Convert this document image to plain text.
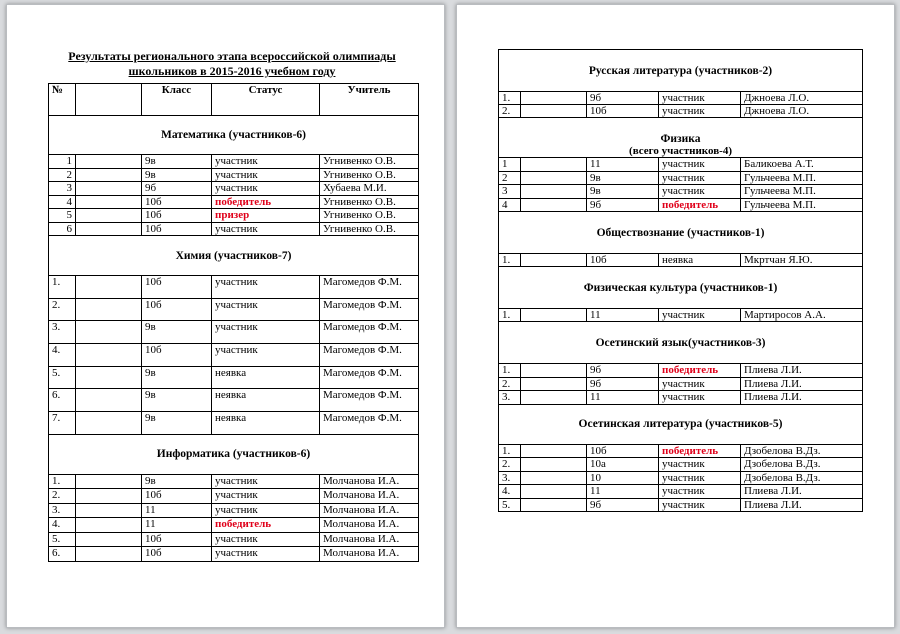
Результаты регионального этапа всероссийской олимпиады
школьников в 2015-2016 учебном году
№		Класс	Статус	Учитель
Математика (участников-6)				
1		9в	участник	Угнивенко О.В.
2		9в	участник	Угнивенко О.В.
3		9б	участник	Хубаева М.И.
4		10б	победитель	Угнивенко О.В.
5		10б	призер	Угнивенко О.В.
6		10б	участник	Угнивенко О.В.
Химия (участников-7)				
1.		10б	участник	Магомедов Ф.М.
2.		10б	участник	Магомедов Ф.М.
3.		9в	участник	Магомедов Ф.М.
4.		10б	участник	Магомедов Ф.М.
5.		9в	неявка	Магомедов Ф.М.
6.		9в	неявка	Магомедов Ф.М.
7.		9в	неявка	Магомедов Ф.М.
Информатика (участников-6)				
1.		9в	участник	Молчанова И.А.
2.		10б	участник	Молчанова И.А.
3.		11	участник	Молчанова И.А.
4.		11	победитель	Молчанова И.А.
5.		10б	участник	Молчанова И.А.
6.		10б	участник	Молчанова И.А.
Русская литература (участников-2)				
1.		9б	участник	Джноева Л.О.
2.		10б	участник	Джноева Л.О.

Физика
(всего участников-4)				

1		11	участник	Баликоева А.Т.
2		9в	участник	Гульчеева М.П.
3		9в	участник	Гульчеева М.П.
4		9б	победитель	Гульчеева М.П.
Обществознание (участников-1)				
1.		10б	неявка	Мкртчан Я.Ю.
Физическая культура (участников-1)				
1.		11	участник	Мартиросов А.А.
Осетинский язык(участников-3)				
1.		9б	победитель	Плиева Л.И.
2.		9б	участник	Плиева Л.И.
3.		11	участник	Плиева Л.И.
Осетинская литература (участников-5)				
1.		10б	победитель	Дзобелова В.Дз.
2.		10а	участник	Дзобелова В.Дз.
3.		10	участник	Дзобелова В.Дз.
4.		11	участник	Плиева Л.И.
5.		9б	участник	Плиева Л.И.
